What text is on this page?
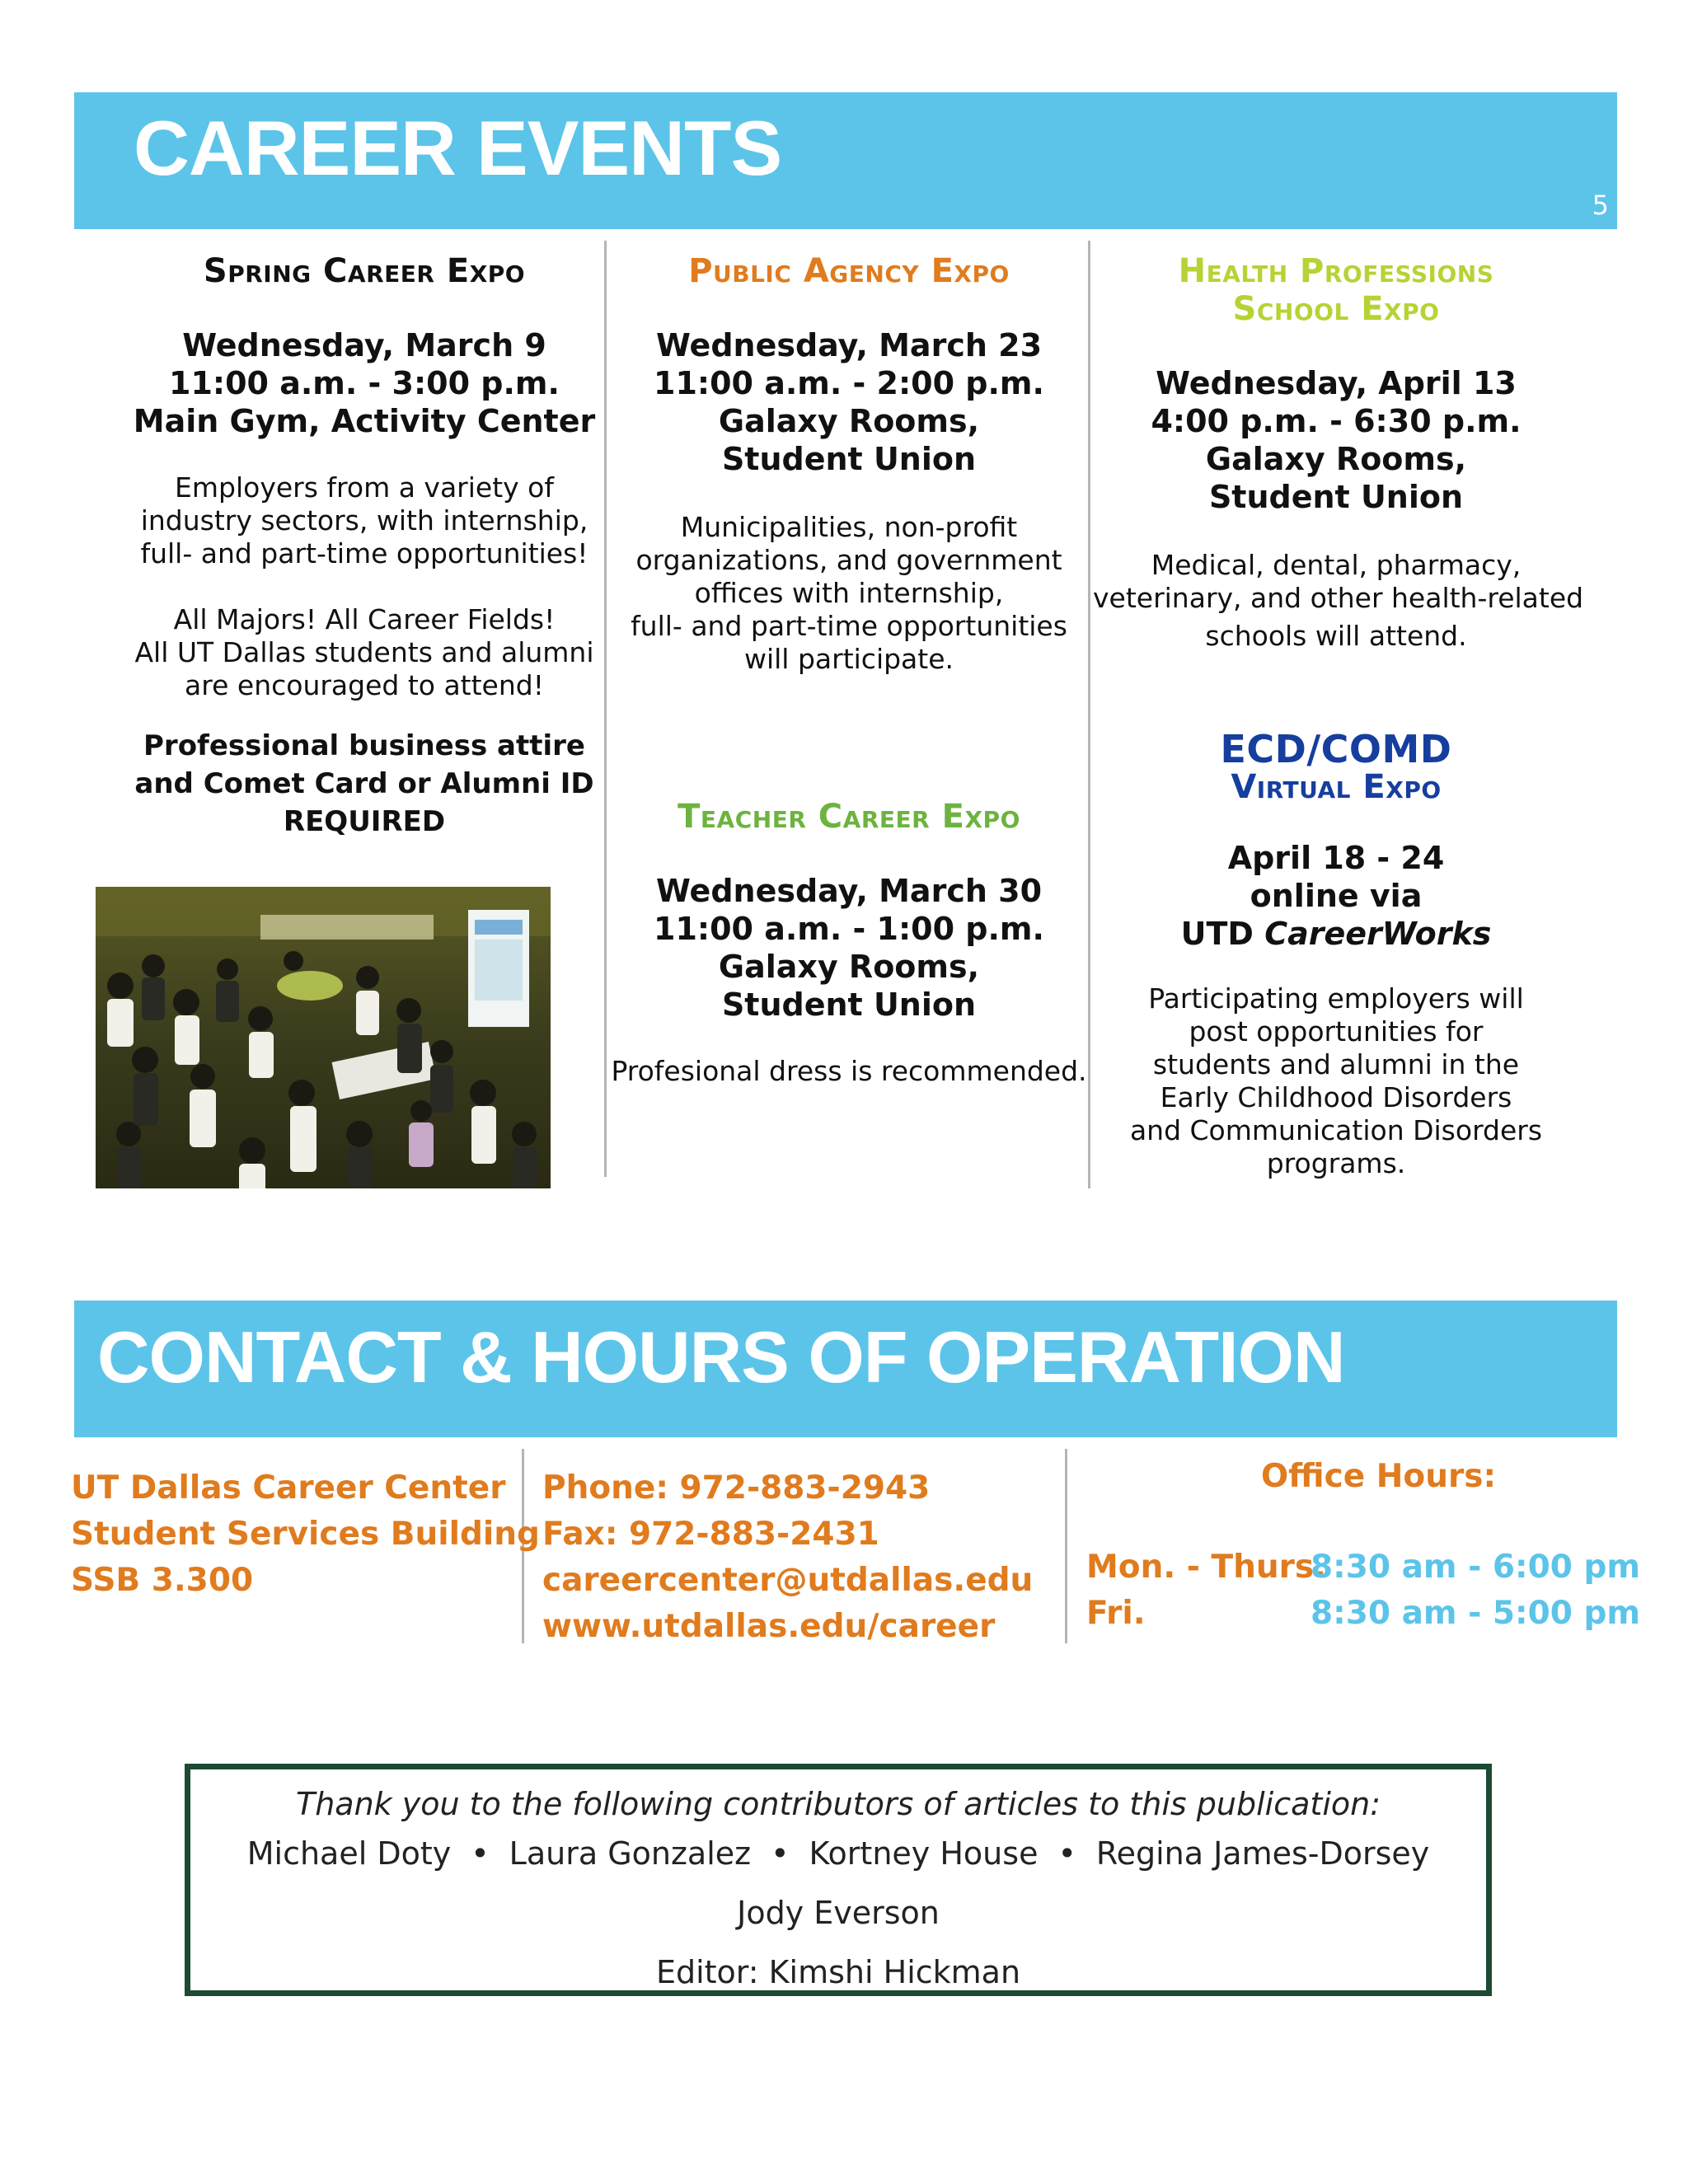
CAREER EVENTS
5
Spring Career Expo
Wednesday, March 9
11:00 a.m. - 3:00 p.m.
Main Gym, Activity Center
Employers from a variety of
industry sectors, with internship,
full- and part-time opportunities!
All Majors! All Career Fields!
All UT Dallas students and alumni
are encouraged to attend!
Professional business attire
and Comet Card or Alumni ID
REQUIRED
Public Agency Expo
Wednesday, March 23
11:00 a.m. - 2:00 p.m.
Galaxy Rooms,
Student Union
Municipalities, non-profit
organizations, and government
offices with internship,
full- and part-time opportunities
will participate.
Teacher Career Expo
Wednesday, March 30
11:00 a.m. - 1:00 p.m.
Galaxy Rooms,
Student Union
Profesional dress is recommended.
Health Professions
School Expo
Wednesday, April 13
4:00 p.m. - 6:30 p.m.
Galaxy Rooms,
Student Union
Medical, dental, pharmacy,
veterinary, and other health-related
schools will attend.
ECD/COMD
Virtual Expo
April 18 - 24
online via
UTD CareerWorks
Participating employers will
post opportunities for
students and alumni in the
Early Childhood Disorders
and Communication Disorders
programs.
CONTACT & HOURS OF OPERATION
UT Dallas Career Center
Student Services Building
SSB 3.300
Phone: 972-883-2943
Fax: 972-883-2431
careercenter@utdallas.edu
www.utdallas.edu/career
Office Hours:
Mon. - Thurs.8:30 am - 6:00 pm
Fri.	8:30 am - 5:00 pm
Thank you to the following contributors of articles to this publication:
Michael Doty • Laura Gonzalez • Kortney House • Regina James-Dorsey
Jody Everson
Editor: Kimshi Hickman
